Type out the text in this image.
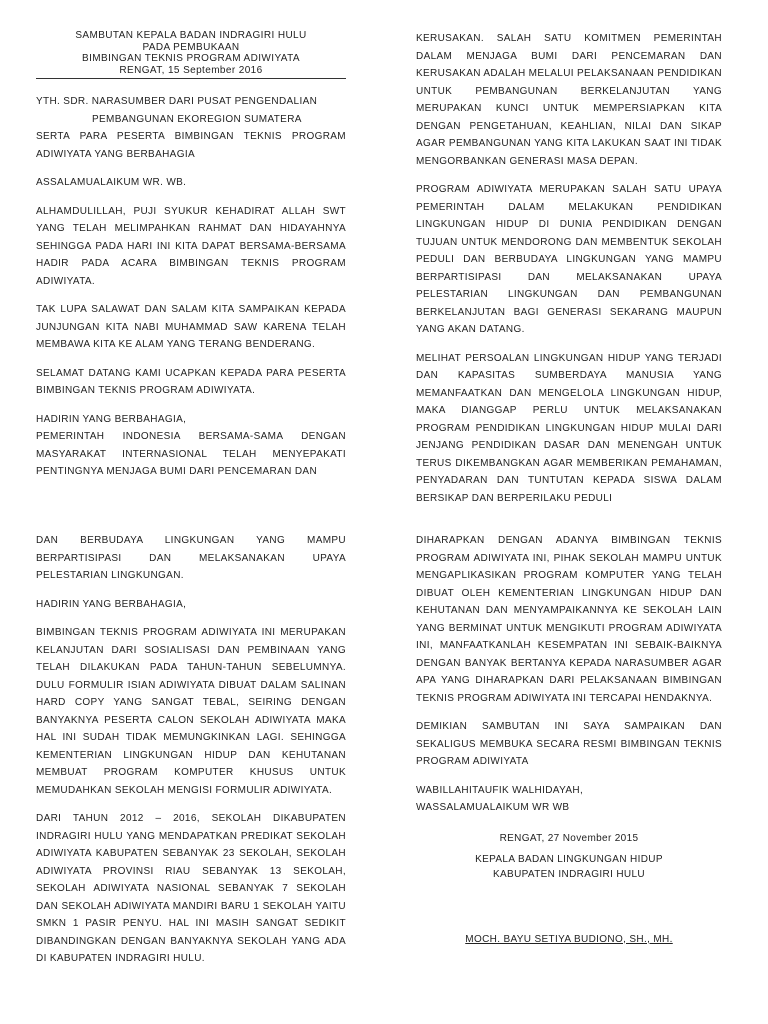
SAMBUTAN KEPALA BADAN INDRAGIRI HULU
PADA PEMBUKAAN
BIMBINGAN TEKNIS PROGRAM ADIWIYATA
RENGAT, 15 September 2016

YTH. SDR. NARASUMBER DARI PUSAT PENGENDALIAN

PEMBANGUNAN EKOREGION SUMATERA

SERTA PARA PESERTA BIMBINGAN TEKNIS PROGRAM ADIWIYATA YANG BERBAHAGIA

ASSALAMUALAIKUM WR. WB.

ALHAMDULILLAH, PUJI SYUKUR KEHADIRAT ALLAH SWT YANG TELAH MELIMPAHKAN RAHMAT DAN HIDAYAHNYA SEHINGGA PADA HARI INI KITA DAPAT BERSAMA-BERSAMA HADIR PADA ACARA BIMBINGAN TEKNIS PROGRAM ADIWIYATA.

TAK LUPA SALAWAT DAN SALAM KITA SAMPAIKAN KEPADA JUNJUNGAN KITA NABI MUHAMMAD SAW KARENA TELAH MEMBAWA KITA KE ALAM YANG TERANG BENDERANG.

SELAMAT DATANG KAMI UCAPKAN KEPADA PARA PESERTA BIMBINGAN TEKNIS PROGRAM ADIWIYATA.

HADIRIN YANG BERBAHAGIA,

PEMERINTAH INDONESIA BERSAMA-SAMA DENGAN MASYARAKAT INTERNASIONAL TELAH MENYEPAKATI PENTINGNYA MENJAGA BUMI DARI PENCEMARAN DAN

KERUSAKAN. SALAH SATU KOMITMEN PEMERINTAH DALAM MENJAGA BUMI DARI PENCEMARAN DAN KERUSAKAN ADALAH MELALUI PELAKSANAAN PENDIDIKAN UNTUK PEMBANGUNAN BERKELANJUTAN YANG MERUPAKAN KUNCI UNTUK MEMPERSIAPKAN KITA DENGAN PENGETAHUAN, KEAHLIAN, NILAI DAN SIKAP AGAR PEMBANGUNAN YANG KITA LAKUKAN SAAT INI TIDAK MENGORBANKAN GENERASI MASA DEPAN.

PROGRAM ADIWIYATA MERUPAKAN SALAH SATU UPAYA PEMERINTAH DALAM MELAKUKAN PENDIDIKAN LINGKUNGAN HIDUP DI DUNIA PENDIDIKAN DENGAN TUJUAN UNTUK MENDORONG DAN MEMBENTUK SEKOLAH PEDULI DAN BERBUDAYA LINGKUNGAN YANG MAMPU BERPARTISIPASI DAN MELAKSANAKAN UPAYA PELESTARIAN LINGKUNGAN DAN PEMBANGUNAN BERKELANJUTAN BAGI GENERASI SEKARANG MAUPUN YANG AKAN DATANG.

MELIHAT PERSOALAN LINGKUNGAN HIDUP YANG TERJADI DAN KAPASITAS SUMBERDAYA MANUSIA YANG MEMANFAATKAN DAN MENGELOLA LINGKUNGAN HIDUP, MAKA DIANGGAP PERLU UNTUK MELAKSANAKAN PROGRAM PENDIDIKAN LINGKUNGAN HIDUP MULAI DARI JENJANG PENDIDIKAN DASAR DAN MENENGAH UNTUK TERUS DIKEMBANGKAN AGAR MEMBERIKAN PEMAHAMAN, PENYADARAN DAN TUNTUTAN KEPADA SISWA DALAM BERSIKAP DAN BERPERILAKU PEDULI

DAN BERBUDAYA LINGKUNGAN YANG MAMPU BERPARTISIPASI DAN MELAKSANAKAN UPAYA PELESTARIAN LINGKUNGAN.

HADIRIN YANG BERBAHAGIA,

BIMBINGAN TEKNIS PROGRAM ADIWIYATA INI MERUPAKAN KELANJUTAN DARI SOSIALISASI DAN PEMBINAAN YANG TELAH DILAKUKAN PADA TAHUN-TAHUN SEBELUMNYA. DULU FORMULIR ISIAN ADIWIYATA DIBUAT DALAM SALINAN HARD COPY YANG SANGAT TEBAL, SEIRING DENGAN BANYAKNYA PESERTA CALON SEKOLAH ADIWIYATA MAKA HAL INI SUDAH TIDAK MEMUNGKINKAN LAGI. SEHINGGA KEMENTERIAN LINGKUNGAN HIDUP DAN KEHUTANAN MEMBUAT PROGRAM KOMPUTER KHUSUS UNTUK MEMUDAHKAN SEKOLAH MENGISI FORMULIR ADIWIYATA.

DARI TAHUN 2012 – 2016, SEKOLAH DIKABUPATEN INDRAGIRI HULU YANG MENDAPATKAN PREDIKAT SEKOLAH ADIWIYATA KABUPATEN SEBANYAK 23 SEKOLAH, SEKOLAH ADIWIYATA PROVINSI RIAU SEBANYAK 13 SEKOLAH, SEKOLAH ADIWIYATA NASIONAL SEBANYAK 7 SEKOLAH DAN SEKOLAH ADIWIYATA MANDIRI BARU 1 SEKOLAH YAITU SMKN 1 PASIR PENYU. HAL INI MASIH SANGAT SEDIKIT DIBANDINGKAN DENGAN BANYAKNYA SEKOLAH YANG ADA DI KABUPATEN INDRAGIRI HULU.

DIHARAPKAN DENGAN ADANYA BIMBINGAN TEKNIS PROGRAM ADIWIYATA INI, PIHAK SEKOLAH MAMPU UNTUK MENGAPLIKASIKAN PROGRAM KOMPUTER YANG TELAH DIBUAT OLEH KEMENTERIAN LINGKUNGAN HIDUP DAN KEHUTANAN DAN MENYAMPAIKANNYA KE SEKOLAH LAIN YANG BERMINAT UNTUK MENGIKUTI PROGRAM ADIWIYATA INI, MANFAATKANLAH KESEMPATAN INI SEBAIK-BAIKNYA DENGAN BANYAK BERTANYA KEPADA NARASUMBER AGAR APA YANG DIHARAPKAN DARI PELAKSANAAN BIMBINGAN TEKNIS PROGRAM ADIWIYATA INI TERCAPAI HENDAKNYA.

DEMIKIAN SAMBUTAN INI SAYA SAMPAIKAN DAN SEKALIGUS MEMBUKA SECARA RESMI BIMBINGAN TEKNIS PROGRAM ADIWIYATA

WABILLAHITAUFIK WALHIDAYAH,

WASSALAMUALAIKUM WR WB

RENGAT, 27 November 2015
KEPALA BADAN LINGKUNGAN HIDUP
KABUPATEN INDRAGIRI HULU
MOCH. BAYU SETIYA BUDIONO, SH., MH.
